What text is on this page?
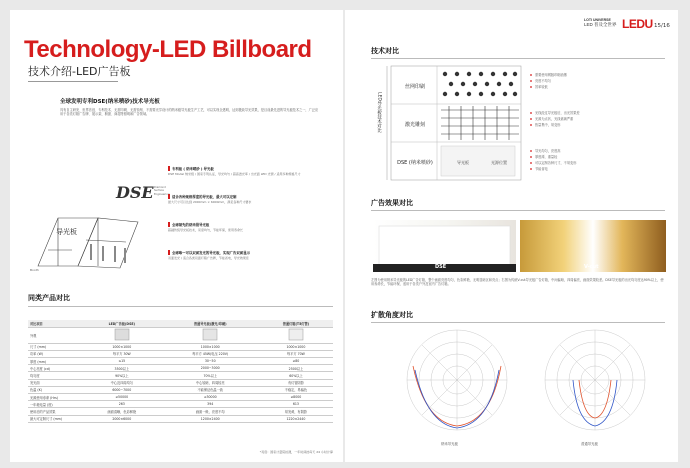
Technology-LED Billboard
技术介绍-LED广告板
全球发明专利DSE(纳米喷砂)技术导光板
具有自主研发、世界首创、专利技术、无需印刷、无需蚀刻、不需要光学设计的纳米级导光板生产工艺，可以实现全透明，达到极致导光效果，是目前最先进的导光板技术之一，广泛应用于各类灯箱广告牌、展示架、橱窗、商超等照明和广告领域。
DSE Diamond Surface Engineering
专利板 ( 纳米喷砂 ) 导光板
DSE Model 纳米级 / 国家专利认证，导光均匀 / 超高透光率 / 出光面 LED 光源 / 适用多种规格尺寸
适合各种规格厚度的导光板，最大可以定制
最大尺寸可以达到 2000mm × 6000mm，满足各种尺寸要求
全球领先的纳米级导光板
超越传统导光板技术，亮度均匀，节能环保，使用寿命长
全球唯一可以双面发光的导光板，实现广告双面显示
双面发光 / 适合各类双面灯箱广告牌，节能省电，导光效果佳
导光板
Booth
同类产品对比
对比项目	LED广告板(DSE)	普通导光板(激光/印刷)	普通灯箱(T5灯管)
外观			
尺寸 (mm)	1000×1000	1000×1000	1000×1000
功率 (W)	每平方 30W	每平方 45W(电压 220V)	每平方 70W
厚度 (mm)	≤15	30~50	≥80
中心亮度 (cd)	3500以上	2000~3000	2500以上
均匀度	90%以上	70%以上	60%以上
发光面	中心及四周均匀	中心较暗，四周较亮	有灯管阴影
色温 (K)	6000~7000	不能保证色温一致	不稳定，易偏色
光源使用寿命 (Hrs)	≥50000	≥30000	≥8000
一年耗电量 (度)	263	394	613
使用后的产品效果	画面清晰，色彩鲜艳	画面一般，亮度不均	易发黄，有阴影
最大可定制尺寸 (mm)	2000×6000	1200×2400	1220×2440
*亮度：国家计量院检测，一年时间按每天 24 小时计算
LOTI UNIVERSE
LED 普及全世界 LEDU 15/16
技术对比
LED导光板技术对比
丝网印刷
激光雕刻
DSE (纳米喷砂)	导光板	光源位置
需要使用网版印刷油墨
亮度不均匀
效率较低
光线经过导光板后，出光效果差
光源为点状，光线衰减严重
热量集中，易变形
导光均匀，亮度高
厚度薄，重量轻
可以定制各种尺寸，不易变形
节能省电
广告效果对比
DSE	V-cut
左图为使用纳米导光板的LED广告灯箱，整个画面亮度均匀，色彩鲜艳，无明显暗区和亮点；右图为传统V-cut导光板广告灯箱，中间偏暗，四周偏亮，画面效果较差。DSE导光板的出光均匀度达90%以上，使用寿命长，节能环保，适用于各类户外及室内广告灯箱。
扩散角度对比
纳米导光板	普通导光板
